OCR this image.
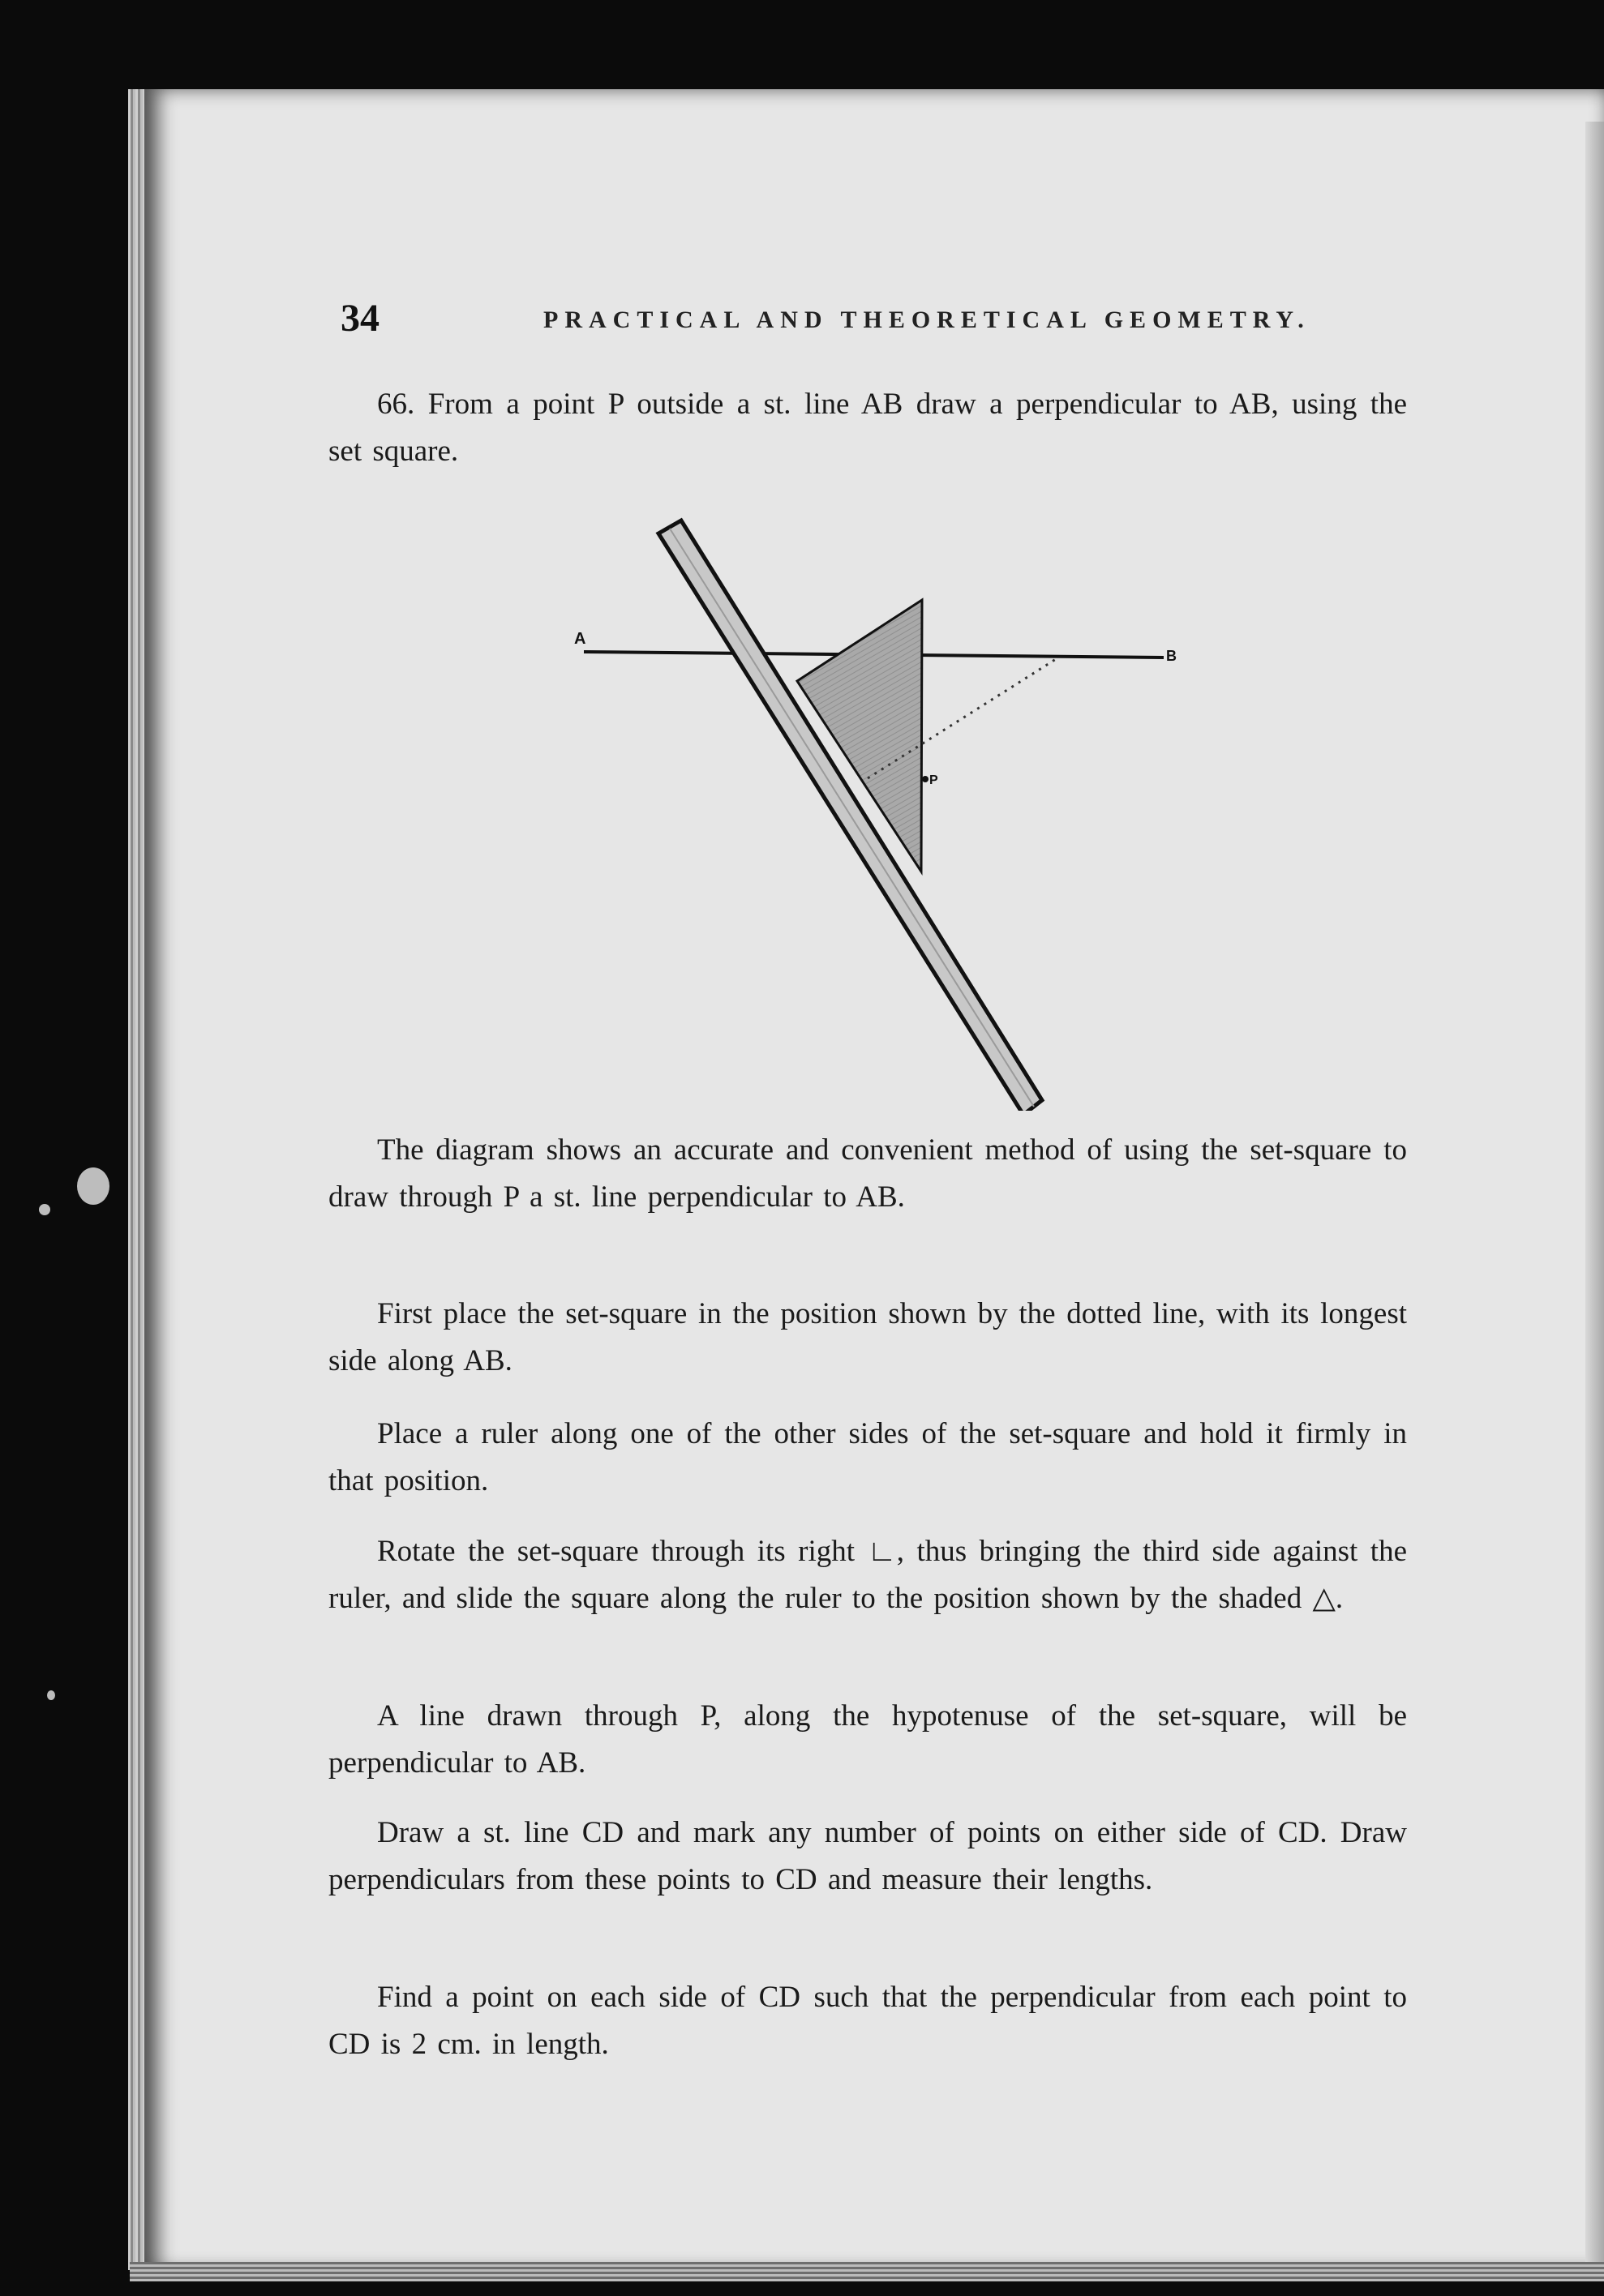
34	PRACTICAL AND THEORETICAL GEOMETRY.
66. From a point P outside a st. line AB draw a perpendicular to AB, using the set square.
A
B
P
The diagram shows an accurate and convenient method of using the set-square to draw through P a st. line perpendicular to AB.
First place the set-square in the position shown by the dotted line, with its longest side along AB.
Place a ruler along one of the other sides of the set-square and hold it firmly in that position.
Rotate the set-square through its right ∟, thus bringing the third side against the ruler, and slide the square along the ruler to the position shown by the shaded △.
A line drawn through P, along the hypotenuse of the set-square, will be perpendicular to AB.
Draw a st. line CD and mark any number of points on either side of CD. Draw perpendiculars from these points to CD and measure their lengths.
Find a point on each side of CD such that the perpendicular from each point to CD is 2 cm. in length.
